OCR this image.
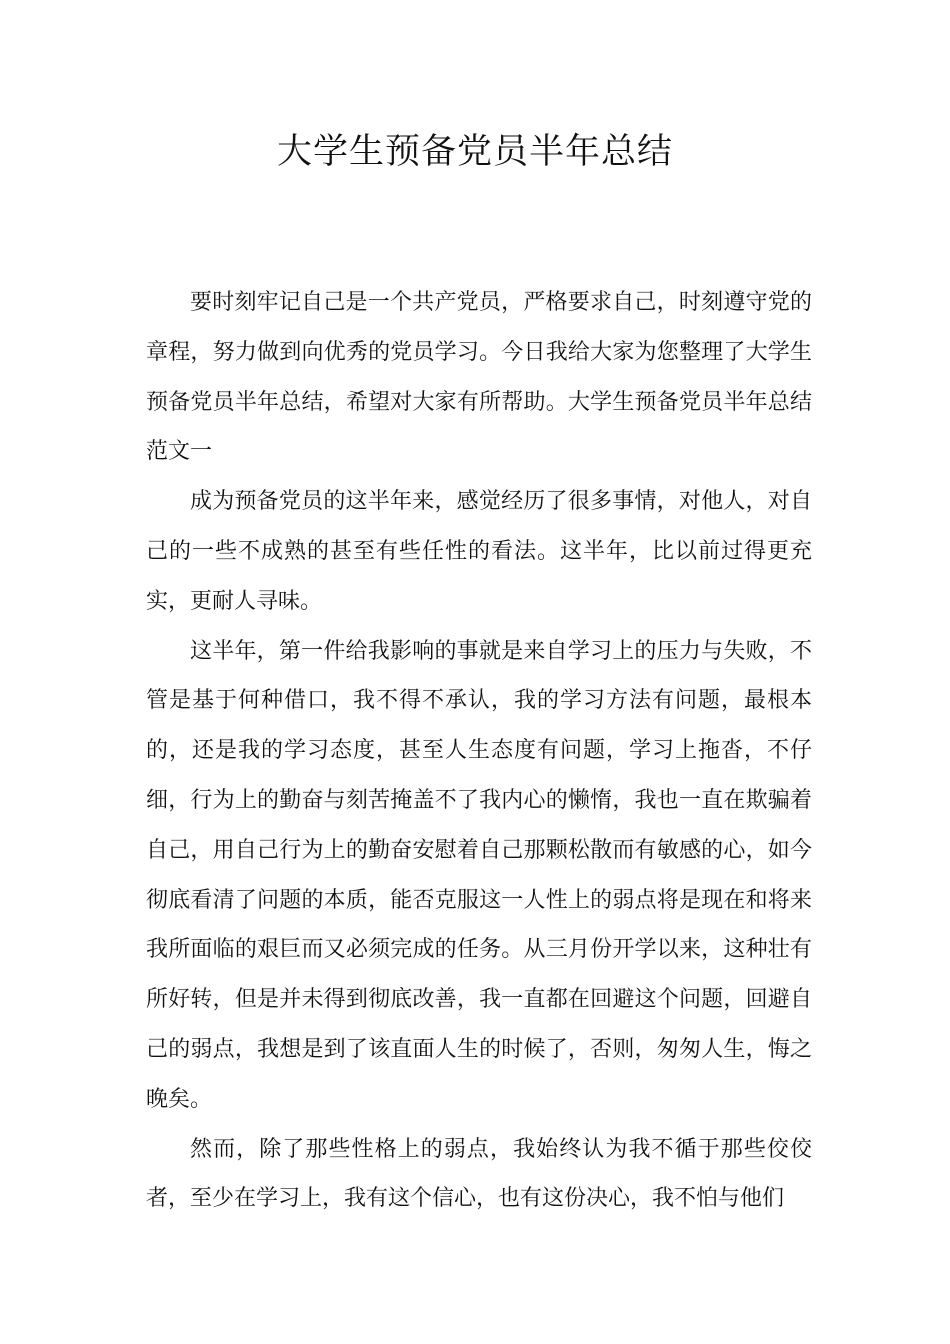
大学生预备党员半年总结

要时刻牢记自己是一个共产党员，严格要求自己，时刻遵守党的章程，努力做到向优秀的党员学习。今日我给大家为您整理了大学生预备党员半年总结，希望对大家有所帮助。大学生预备党员半年总结范文一

成为预备党员的这半年来，感觉经历了很多事情，对他人，对自己的一些不成熟的甚至有些任性的看法。这半年，比以前过得更充实，更耐人寻味。

这半年，第一件给我影响的事就是来自学习上的压力与失败，不管是基于何种借口，我不得不承认，我的学习方法有问题，最根本的，还是我的学习态度，甚至人生态度有问题，学习上拖沓，不仔细，行为上的勤奋与刻苦掩盖不了我内心的懒惰，我也一直在欺骗着自己，用自己行为上的勤奋安慰着自己那颗松散而有敏感的心，如今彻底看清了问题的本质，能否克服这一人性上的弱点将是现在和将来我所面临的艰巨而又必须完成的任务。从三月份开学以来，这种壮有所好转，但是并未得到彻底改善，我一直都在回避这个问题，回避自己的弱点，我想是到了该直面人生的时候了，否则，匆匆人生，悔之晚矣。

然而，除了那些性格上的弱点，我始终认为我不循于那些佼佼者，至少在学习上，我有这个信心，也有这份决心，我不怕与他们
